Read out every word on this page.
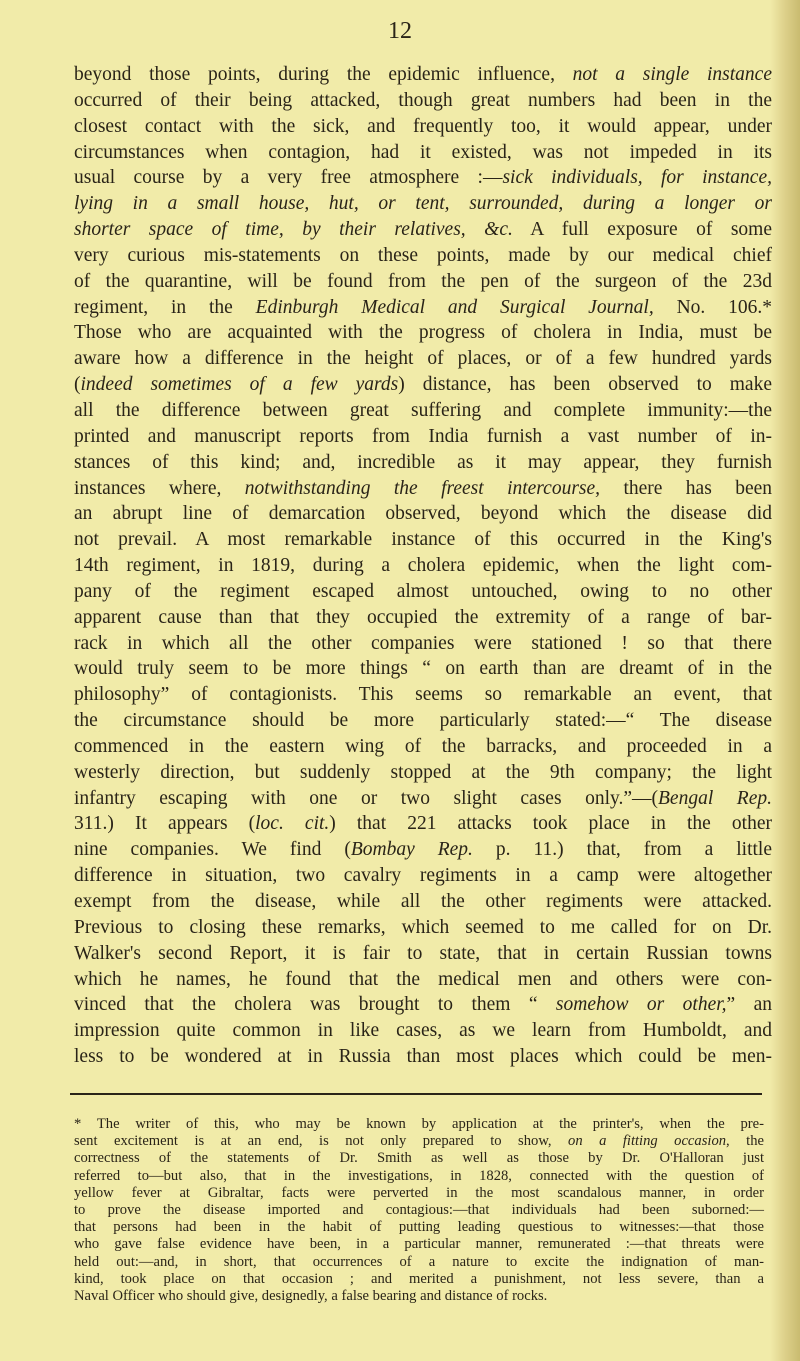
12
beyond those points, during the epidemic influence, not a single instance
occurred of their being attacked, though great numbers had been in the
closest contact with the sick, and frequently too, it would appear, under
circumstances when contagion, had it existed, was not impeded in its
usual course by a very free atmosphere :—sick individuals, for instance,
lying in a small house, hut, or tent, surrounded, during a longer or
shorter space of time, by their relatives, &c. A full exposure of some
very curious mis-statements on these points, made by our medical chief
of the quarantine, will be found from the pen of the surgeon of the 23d
regiment, in the Edinburgh Medical and Surgical Journal, No. 106.*
Those who are acquainted with the progress of cholera in India, must be
aware how a difference in the height of places, or of a few hundred yards
(indeed sometimes of a few yards) distance, has been observed to make
all the difference between great suffering and complete immunity:—the
printed and manuscript reports from India furnish a vast number of in-
stances of this kind; and, incredible as it may appear, they furnish
instances where, notwithstanding the freest intercourse, there has been
an abrupt line of demarcation observed, beyond which the disease did
not prevail. A most remarkable instance of this occurred in the King's
14th regiment, in 1819, during a cholera epidemic, when the light com-
pany of the regiment escaped almost untouched, owing to no other
apparent cause than that they occupied the extremity of a range of bar-
rack in which all the other companies were stationed ! so that there
would truly seem to be more things “ on earth than are dreamt of in the
philosophy” of contagionists. This seems so remarkable an event, that
the circumstance should be more particularly stated:—“ The disease
commenced in the eastern wing of the barracks, and proceeded in a
westerly direction, but suddenly stopped at the 9th company; the light
infantry escaping with one or two slight cases only.”—(Bengal Rep.
311.) It appears (loc. cit.) that 221 attacks took place in the other
nine companies. We find (Bombay Rep. p. 11.) that, from a little
difference in situation, two cavalry regiments in a camp were altogether
exempt from the disease, while all the other regiments were attacked.
Previous to closing these remarks, which seemed to me called for on Dr.
Walker's second Report, it is fair to state, that in certain Russian towns
which he names, he found that the medical men and others were con-
vinced that the cholera was brought to them “ somehow or other,” an
impression quite common in like cases, as we learn from Humboldt, and
less to be wondered at in Russia than most places which could be men-
* The writer of this, who may be known by application at the printer's, when the pre-
sent excitement is at an end, is not only prepared to show, on a fitting occasion, the
correctness of the statements of Dr. Smith as well as those by Dr. O'Halloran just
referred to—but also, that in the investigations, in 1828, connected with the question of
yellow fever at Gibraltar, facts were perverted in the most scandalous manner, in order
to prove the disease imported and contagious:—that individuals had been suborned:—
that persons had been in the habit of putting leading questious to witnesses:—that those
who gave false evidence have been, in a particular manner, remunerated :—that threats were
held out:—and, in short, that occurrences of a nature to excite the indignation of man-
kind, took place on that occasion ; and merited a punishment, not less severe, than a
Naval Officer who should give, designedly, a false bearing and distance of rocks.
